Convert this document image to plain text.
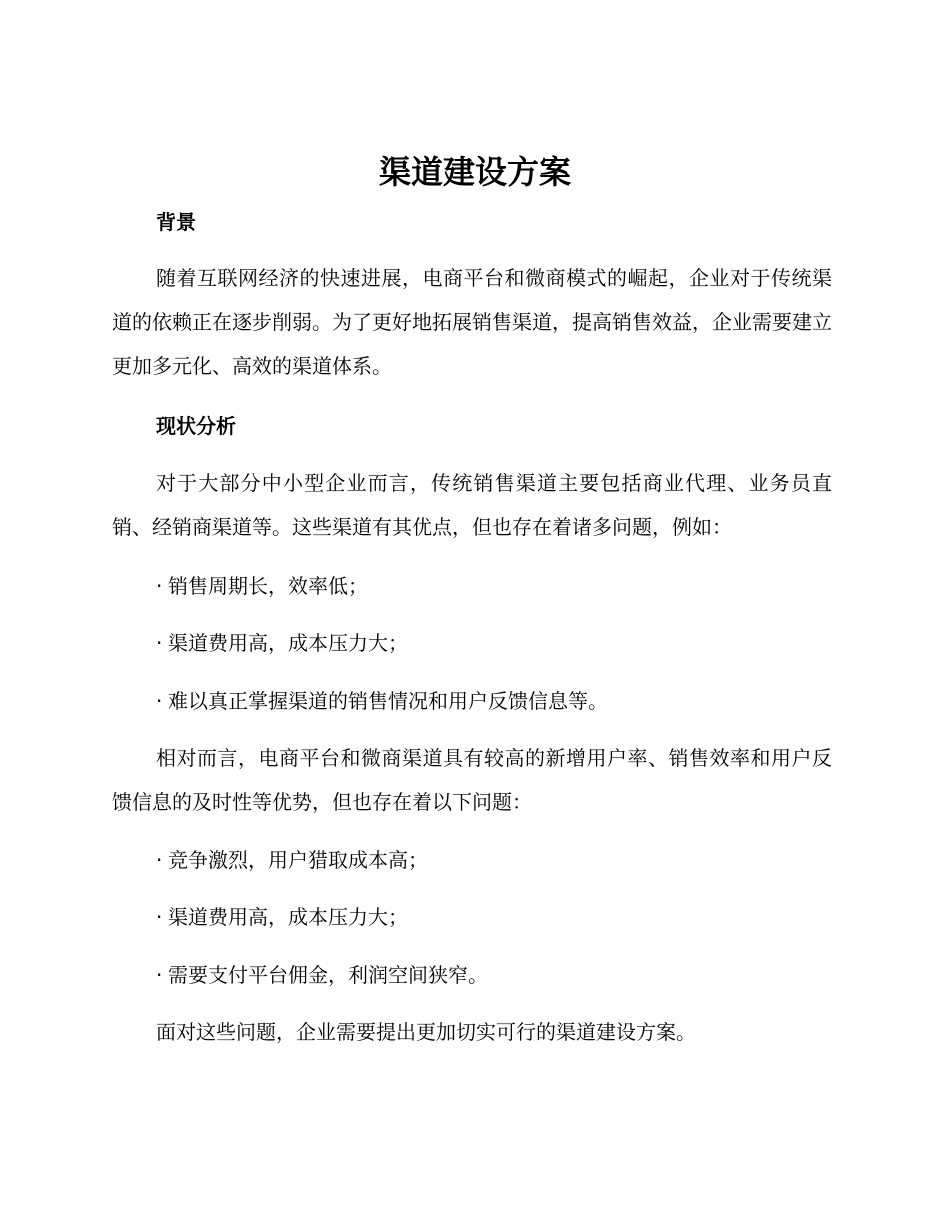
渠道建设方案
背景

随着互联网经济的快速进展，电商平台和微商模式的崛起，企业对于传统渠道的依赖正在逐步削弱。为了更好地拓展销售渠道，提高销售效益，企业需要建立更加多元化、高效的渠道体系。

现状分析

对于大部分中小型企业而言，传统销售渠道主要包括商业代理、业务员直销、经销商渠道等。这些渠道有其优点，但也存在着诸多问题，例如：

· 销售周期长，效率低；
· 渠道费用高，成本压力大；
· 难以真正掌握渠道的销售情况和用户反馈信息等。

相对而言，电商平台和微商渠道具有较高的新增用户率、销售效率和用户反馈信息的及时性等优势，但也存在着以下问题：

· 竞争激烈，用户猎取成本高；
· 渠道费用高，成本压力大；
· 需要支付平台佣金，利润空间狭窄。

面对这些问题，企业需要提出更加切实可行的渠道建设方案。
